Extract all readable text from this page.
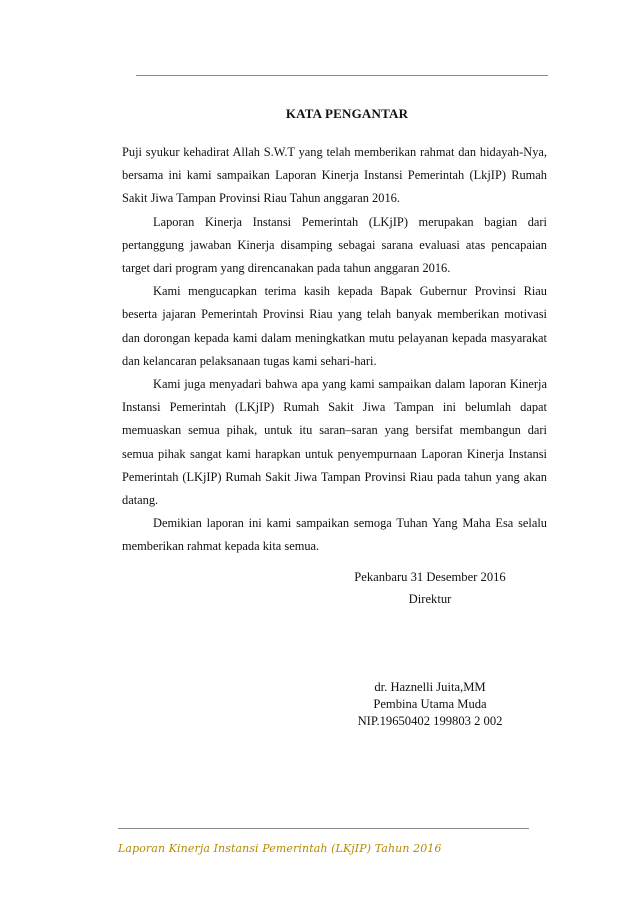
KATA PENGANTAR

Puji syukur kehadirat Allah S.W.T yang telah memberikan rahmat dan hidayah-Nya, bersama ini kami sampaikan Laporan Kinerja Instansi Pemerintah (LkjIP) Rumah Sakit Jiwa Tampan Provinsi Riau Tahun anggaran 2016.

Laporan Kinerja Instansi Pemerintah (LKjIP) merupakan bagian dari pertanggung jawaban Kinerja disamping sebagai sarana evaluasi atas pencapaian target dari program yang direncanakan pada tahun anggaran 2016.

Kami mengucapkan terima kasih kepada Bapak Gubernur Provinsi Riau beserta jajaran Pemerintah Provinsi Riau yang telah banyak memberikan motivasi dan dorongan kepada kami dalam meningkatkan mutu pelayanan kepada masyarakat dan kelancaran pelaksanaan tugas kami sehari-hari.

Kami juga menyadari bahwa apa yang kami sampaikan dalam laporan Kinerja Instansi Pemerintah (LKjIP) Rumah Sakit Jiwa Tampan ini belumlah dapat memuaskan semua pihak, untuk itu saran–saran yang bersifat membangun dari semua pihak sangat kami harapkan untuk penyempurnaan Laporan Kinerja Instansi Pemerintah (LKjIP) Rumah Sakit Jiwa Tampan Provinsi Riau pada tahun yang akan datang.

Demikian laporan ini kami sampaikan semoga Tuhan Yang Maha Esa selalu memberikan rahmat kepada kita semua.

Pekanbaru 31 Desember 2016
Direktur
dr. Haznelli Juita,MM
Pembina Utama Muda
NIP.19650402 199803 2 002
Laporan Kinerja Instansi Pemerintah (LKjIP) Tahun 2016
